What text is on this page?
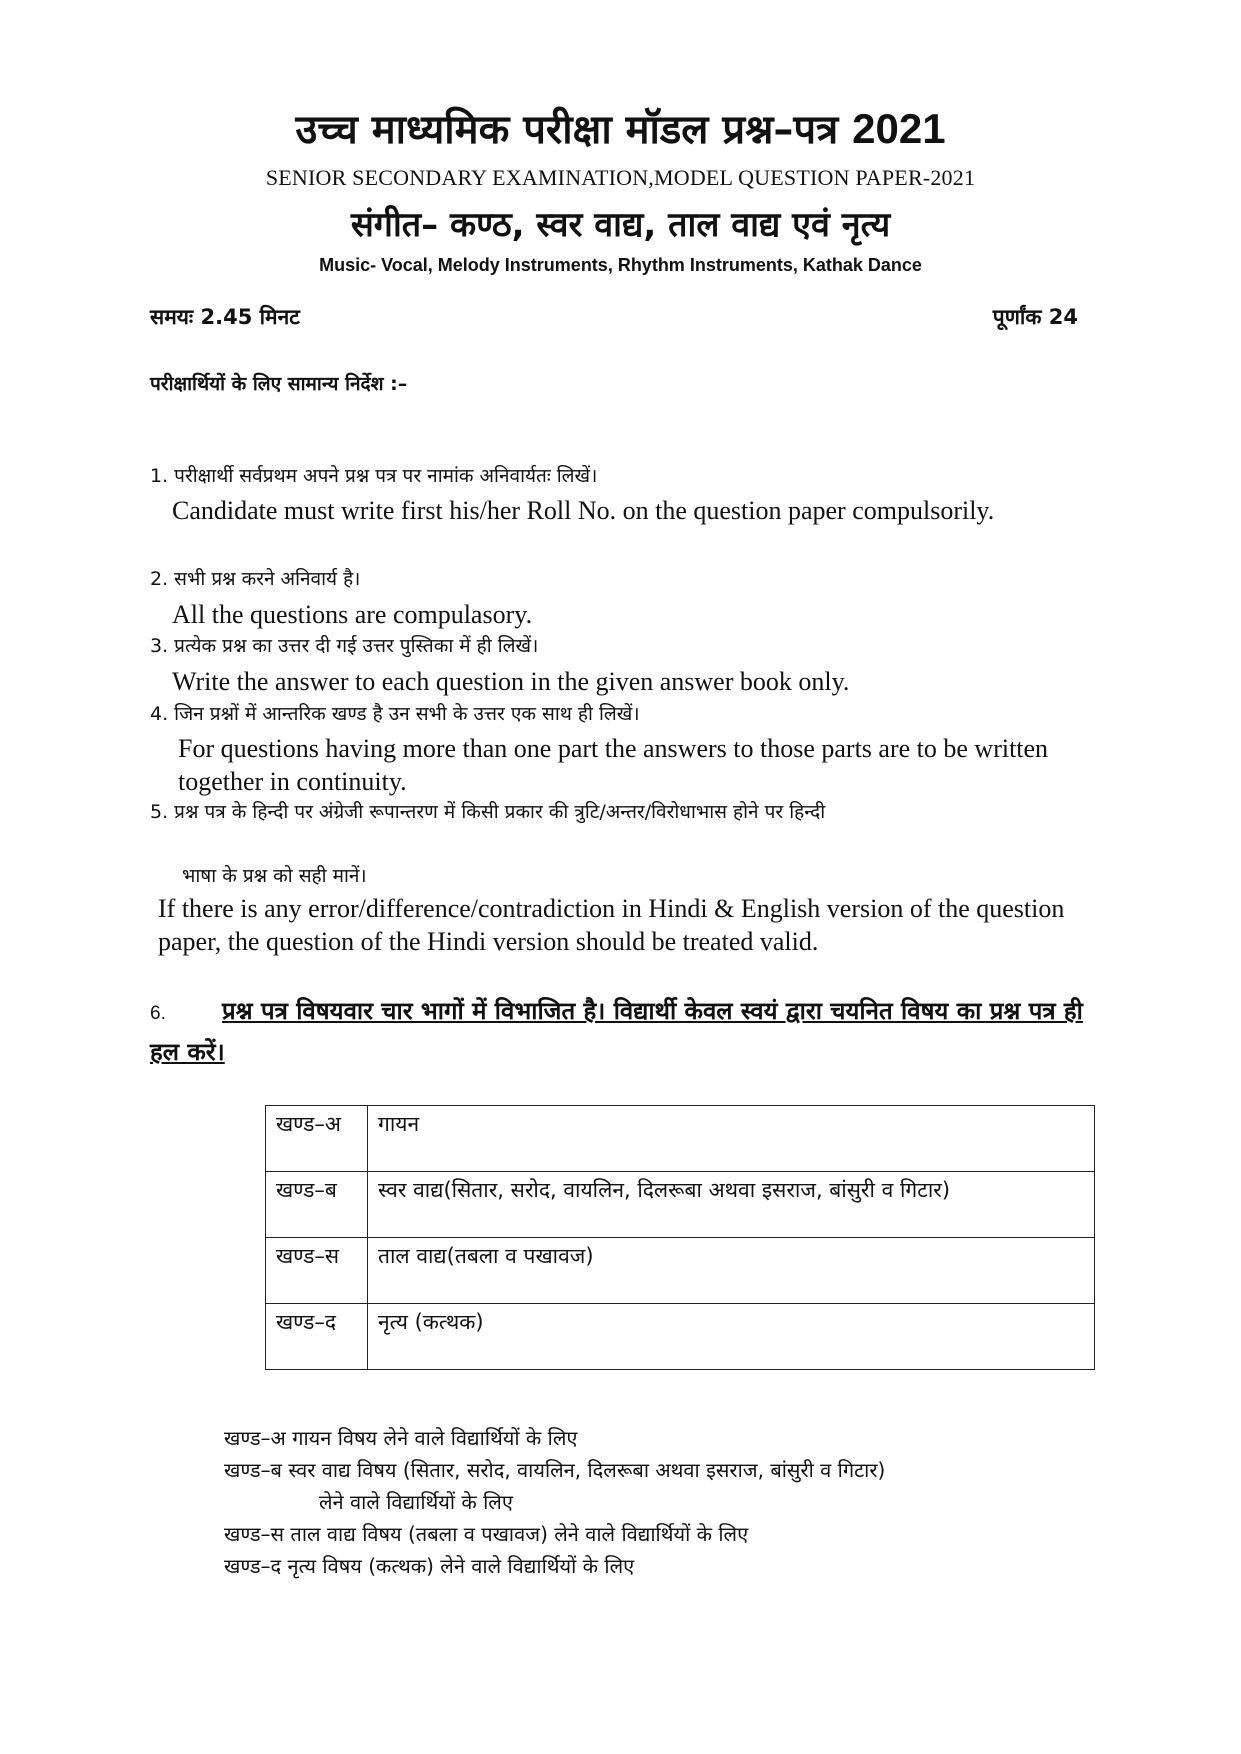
उच्च माध्यमिक परीक्षा मॉडल प्रश्न–पत्र 2021
SENIOR SECONDARY EXAMINATION,MODEL QUESTION PAPER-2021
संगीत– कण्ठ, स्वर वाद्य, ताल वाद्य एवं नृत्य
Music- Vocal, Melody Instruments, Rhythm Instruments, Kathak Dance
समयः 2.45 मिनट	पूर्णांक 24
परीक्षार्थियों के लिए सामान्य निर्देश :–
1. परीक्षार्थी सर्वप्रथम अपने प्रश्न पत्र पर नामांक अनिवार्यतः लिखें।
Candidate must write first his/her Roll No. on the question paper compulsorily.
2. सभी प्रश्न करने अनिवार्य है।
All the questions are compulasory.
3. प्रत्येक प्रश्न का उत्तर दी गई उत्तर पुस्तिका में ही लिखें।
Write the answer to each question in the given answer book only.
4. जिन प्रश्नों में आन्तरिक खण्ड है उन सभी के उत्तर एक साथ ही लिखें।
For questions having more than one part the answers to those parts are to be written together in continuity.
5. प्रश्न पत्र के हिन्दी पर अंग्रेजी रूपान्तरण में किसी प्रकार की त्रुटि/अन्तर/विरोधाभास होने पर हिन्दी
भाषा के प्रश्न को सही मानें।
If there is any error/difference/contradiction in Hindi & English version of the question paper, the question of the Hindi version should be treated valid.
6. प्रश्न पत्र विषयवार चार भागों में विभाजित है। विद्यार्थी केवल स्वयं द्वारा चयनित विषय का प्रश्न पत्र ही हल करें।
खण्ड–अ	गायन
खण्ड–ब	स्वर वाद्य(सितार, सरोद, वायलिन, दिलरूबा अथवा इसराज, बांसुरी व गिटार)
खण्ड–स	ताल वाद्य(तबला व पखावज)
खण्ड–द	नृत्य (कत्थक)
खण्ड–अ गायन विषय लेने वाले विद्यार्थियों के लिए
खण्ड–ब स्वर वाद्य विषय (सितार, सरोद, वायलिन, दिलरूबा अथवा इसराज, बांसुरी व गिटार)
लेने वाले विद्यार्थियों के लिए
खण्ड–स ताल वाद्य विषय (तबला व पखावज) लेने वाले विद्यार्थियों के लिए
खण्ड–द नृत्य विषय (कत्थक) लेने वाले विद्यार्थियों के लिए
